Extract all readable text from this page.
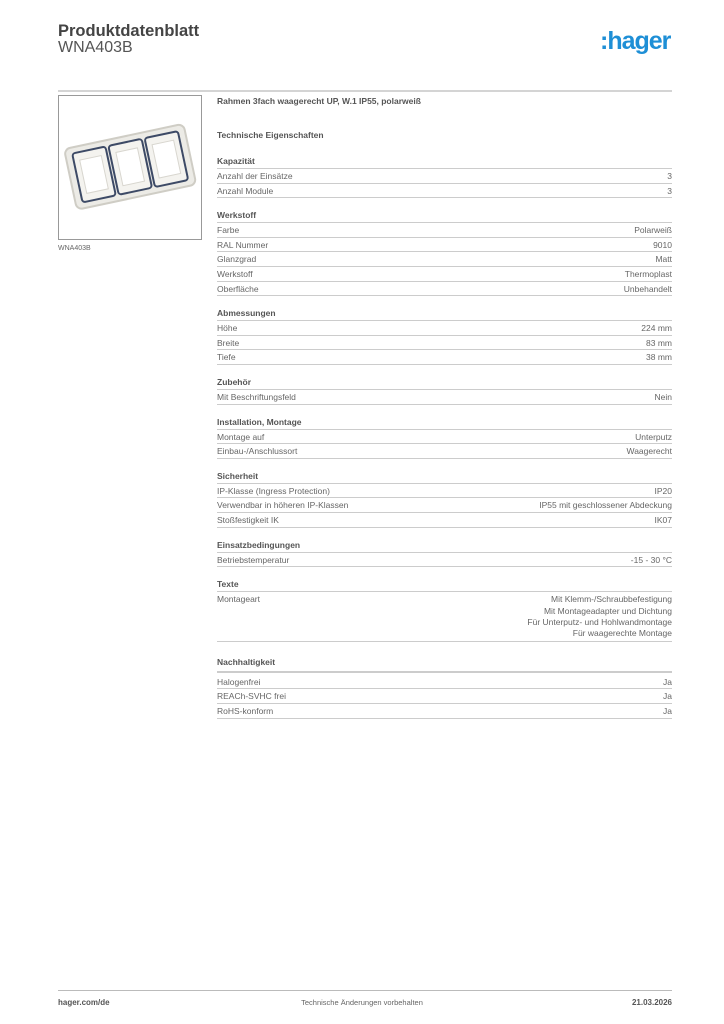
Produktdatenblatt
WNA403B	:hager
WNA403B
Rahmen 3fach waagerecht UP, W.1 IP55, polarweiß
Technische Eigenschaften
Kapazität
Anzahl der Einsätze	3
Anzahl Module	3
Werkstoff
Farbe	Polarweiß
RAL Nummer	9010
Glanzgrad	Matt
Werkstoff	Thermoplast
Oberfläche	Unbehandelt
Abmessungen
Höhe	224 mm
Breite	83 mm
Tiefe	38 mm
Zubehör
Mit Beschriftungsfeld	Nein
Installation, Montage
Montage auf	Unterputz
Einbau-/Anschlussort	Waagerecht
Sicherheit
IP-Klasse (Ingress Protection)	IP20
Verwendbar in höheren IP-Klassen	IP55 mit geschlossener Abdeckung
Stoßfestigkeit IK	IK07
Einsatzbedingungen
Betriebstemperatur	-15 - 30 °C
Texte
Montageart	Mit Klemm-/Schraubbefestigung
Mit Montageadapter und Dichtung
Für Unterputz- und Hohlwandmontage
Für waagerechte Montage
Nachhaltigkeit
Halogenfrei	Ja
REACh-SVHC frei	Ja
RoHS-konform	Ja
hager.com/de	Technische Änderungen vorbehalten	21.03.2026
